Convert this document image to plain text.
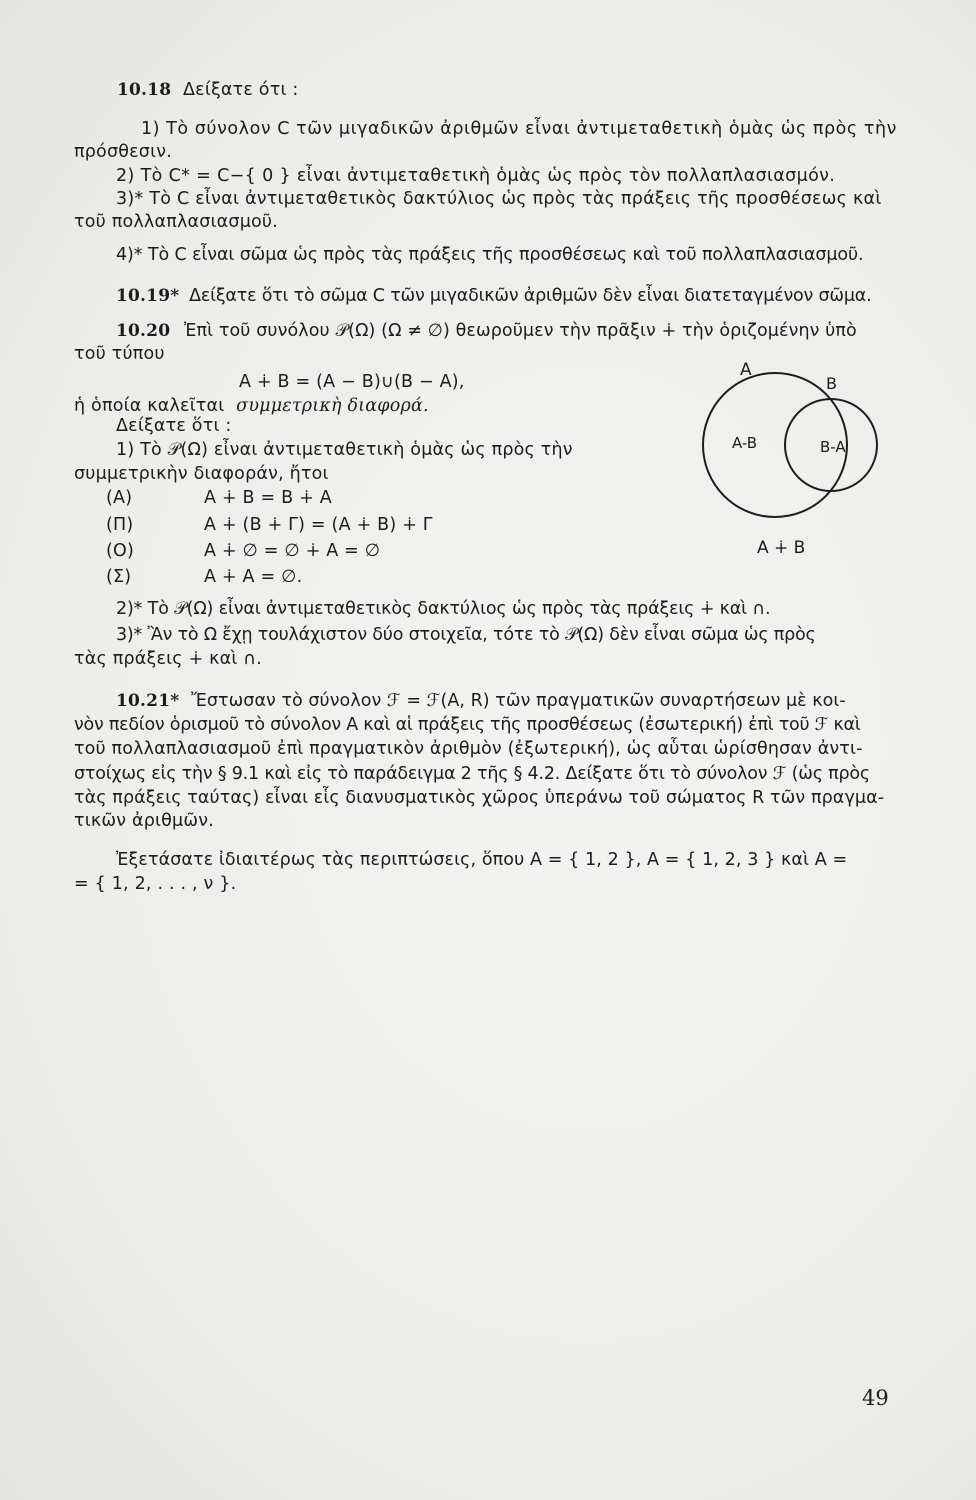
10.18 Δείξατε ότι :
1) Τὸ σύνολον C τῶν μιγαδικῶν ἀριθμῶν εἶναι ἀντιμεταθετικὴ ὁμὰς ὡς πρὸς τὴν
πρόσθεσιν.
2) Τὸ C* = C−{ 0 } εἶναι ἀντιμεταθετικὴ ὁμὰς ὡς πρὸς τὸν πολλαπλασιασμόν.
3)* Τὸ C εἶναι ἀντιμεταθετικὸς δακτύλιος ὡς πρὸς τὰς πράξεις τῆς προσθέσεως καὶ
τοῦ πολλαπλασιασμοῦ.
4)* Τὸ C εἶναι σῶμα ὡς πρὸς τὰς πράξεις τῆς προσθέσεως καὶ τοῦ πολλαπλασιασμοῦ.
10.19* Δείξατε ὅτι τὸ σῶμα C τῶν μιγαδικῶν ἀριθμῶν δὲν εἶναι διατεταγμένον σῶμα.
10.20 Ἐπὶ τοῦ συνόλου 𝒫(Ω) (Ω ≠ ∅) θεωροῦμεν τὴν πρᾶξιν ∔ τὴν ὁριζομένην ὑπὸ
τοῦ τύπου
A ∔ B = (A − B)∪(B − A),
ἡ ὁποία καλεῖται συμμετρικὴ διαφορά.
Δείξατε ὅτι :
1) Τὸ 𝒫(Ω) εἶναι ἀντιμεταθετικὴ ὁμὰς ὡς πρὸς τὴν
συμμετρικὴν διαφοράν, ἤτοι
(A)	A ∔ B = B ∔ A
(Π)	A ∔ (B ∔ Γ) = (A ∔ B) ∔ Γ
(O)	A ∔ ∅ = ∅ ∔ A = ∅
(Σ)	A ∔ A = ∅.
2)* Τὸ 𝒫(Ω) εἶναι ἀντιμεταθετικὸς δακτύλιος ὡς πρὸς τὰς πράξεις ∔ καὶ ∩.
3)* Ἂν τὸ Ω ἔχῃ τουλάχιστον δύο στοιχεῖα, τότε τὸ 𝒫(Ω) δὲν εἶναι σῶμα ὡς πρὸς
τὰς πράξεις ∔ καὶ ∩.
A
B
A-B	B-A
A ∔ B
10.21* Ἔστωσαν τὸ σύνολον ℱ = ℱ(A, R) τῶν πραγματικῶν συναρτήσεων μὲ κοι-
νὸν πεδίον ὁρισμοῦ τὸ σύνολον A καὶ αἱ πράξεις τῆς προσθέσεως (ἐσωτερική) ἐπὶ τοῦ ℱ καὶ
τοῦ πολλαπλασιασμοῦ ἐπὶ πραγματικὸν ἀριθμὸν (ἐξωτερική), ὡς αὗται ὡρίσθησαν ἀντι-
στοίχως εἰς τὴν § 9.1 καὶ εἰς τὸ παράδειγμα 2 τῆς § 4.2. Δείξατε ὅτι τὸ σύνολον ℱ (ὡς πρὸς
τὰς πράξεις ταύτας) εἶναι εἷς διανυσματικὸς χῶρος ὑπεράνω τοῦ σώματος R τῶν πραγμα-
τικῶν ἀριθμῶν.
Ἐξετάσατε ἰδιαιτέρως τὰς περιπτώσεις, ὅπου A = { 1, 2 }, A = { 1, 2, 3 } καὶ A =
= { 1, 2, . . . , ν }.
49
